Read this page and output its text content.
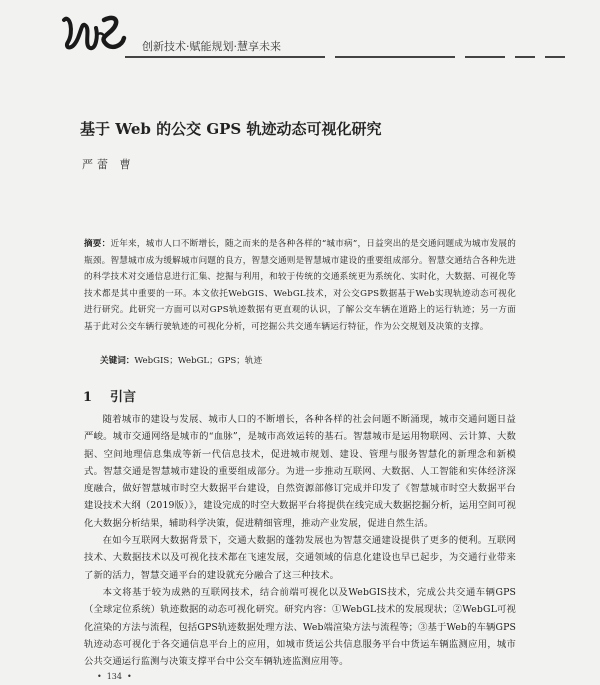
创新技术·赋能规划·慧享未来
基于 Web 的公交 GPS 轨迹动态可视化研究
严蕾 曹
摘要：近年来，城市人口不断增长，随之而来的是各种各样的“城市病”，日益突出的是交通问题成为城市发展的瓶颈。智慧城市成为缓解城市问题的良方，智慧交通则是智慧城市建设的重要组成部分。智慧交通结合各种先进的科学技术对交通信息进行汇集、挖掘与利用，和较于传统的交通系统更为系统化、实时化，大数据、可视化等技术都是其中重要的一环。本文依托WebGIS、WebGL技术，对公交GPS数据基于Web实现轨迹动态可视化进行研究。此研究一方面可以对GPS轨迹数据有更直观的认识，了解公交车辆在道路上的运行轨迹；另一方面基于此对公交车辆行驶轨迹的可视化分析，可挖掘公共交通车辆运行特征，作为公交规划及决策的支撑。
关键词：WebGIS；WebGL；GPS；轨迹
1 引言

随着城市的建设与发展、城市人口的不断增长，各种各样的社会问题不断涌现，城市交通问题日益严峻。城市交通网络是城市的“血脉”，是城市高效运转的基石。智慧城市是运用物联网、云计算、大数据、空间地理信息集成等新一代信息技术，促进城市规划、建设、管理与服务智慧化的新理念和新模式。智慧交通是智慧城市建设的重要组成部分。为进一步推动互联网、大数据、人工智能和实体经济深度融合，做好智慧城市时空大数据平台建设，自然资源部修订完成并印发了《智慧城市时空大数据平台建设技术大纲（2019版）》，建设完成的时空大数据平台将提供在线完成大数据挖掘分析，运用空间可视化大数据分析结果，辅助科学决策，促进精细管理，推动产业发展，促进自然生活。

在如今互联网大数据背景下，交通大数据的蓬勃发展也为智慧交通建设提供了更多的便利。互联网技术、大数据技术以及可视化技术都在飞速发展，交通领域的信息化建设也早已起步，为交通行业带来了新的活力，智慧交通平台的建设就充分融合了这三种技术。

本文将基于较为成熟的互联网技术，结合前端可视化以及WebGIS技术，完成公共交通车辆GPS（全球定位系统）轨迹数据的动态可视化研究。研究内容：①WebGL技术的发展现状；②WebGL可视化渲染的方法与流程，包括GPS轨迹数据处理方法、Web端渲染方法与流程等；③基于Web的车辆GPS轨迹动态可视化于各交通信息平台上的应用，如城市货运公共信息服务平台中货运车辆监测应用，城市公共交通运行监测与决策支撑平台中公交车辆轨迹监测应用等。

• 134 •
